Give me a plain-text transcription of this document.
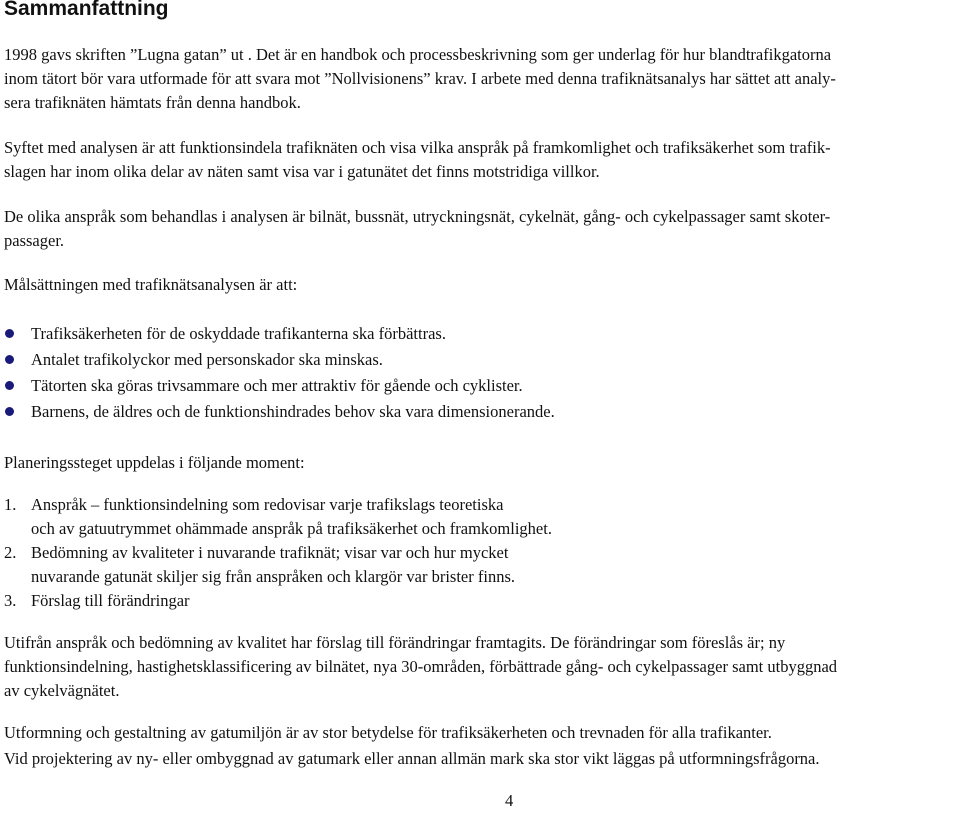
Sammanfattning

1998 gavs skriften ”Lugna gatan” ut . Det är en handbok och processbeskrivning som ger underlag för hur blandtrafikgatorna
inom tätort bör vara utformade för att svara mot ”Nollvisionens” krav. I arbete med denna trafiknätsanalys har sättet att analy-
sera trafiknäten hämtats från denna handbok.

Syftet med analysen är att funktionsindela trafiknäten och visa vilka anspråk på framkomlighet och trafiksäkerhet som trafik-
slagen har inom olika delar av näten samt visa var i gatunätet det finns motstridiga villkor.

De olika anspråk som behandlas i analysen är bilnät, bussnät, utryckningsnät, cykelnät, gång- och cykelpassager samt skoter-
passager.

Målsättningen med trafiknätsanalysen är att:

Trafiksäkerheten för de oskyddade trafikanterna ska förbättras.
Antalet trafikolyckor med personskador ska minskas.
Tätorten ska göras trivsammare och mer attraktiv för gående och cyklister.
Barnens, de äldres och de funktionshindrades behov ska vara dimensionerande.

Planeringssteget uppdelas i följande moment:

1. Anspråk – funktionsindelning som redovisar varje trafikslags teoretiska
och av gatuutrymmet ohämmade anspråk på trafiksäkerhet och framkomlighet.
2. Bedömning av kvaliteter i nuvarande trafiknät; visar var och hur mycket
nuvarande gatunät skiljer sig från anspråken och klargör var brister finns.
3. Förslag till förändringar

Utifrån anspråk och bedömning av kvalitet har förslag till förändringar framtagits. De förändringar som föreslås är; ny
funktionsindelning, hastighetsklassificering av bilnätet, nya 30-områden, förbättrade gång- och cykelpassager samt utbyggnad
av cykelvägnätet.

Utformning och gestaltning av gatumiljön är av stor betydelse för trafiksäkerheten och trevnaden för alla trafikanter.

Vid projektering av ny- eller ombyggnad av gatumark eller annan allmän mark ska stor vikt läggas på utformningsfrågorna.

4
